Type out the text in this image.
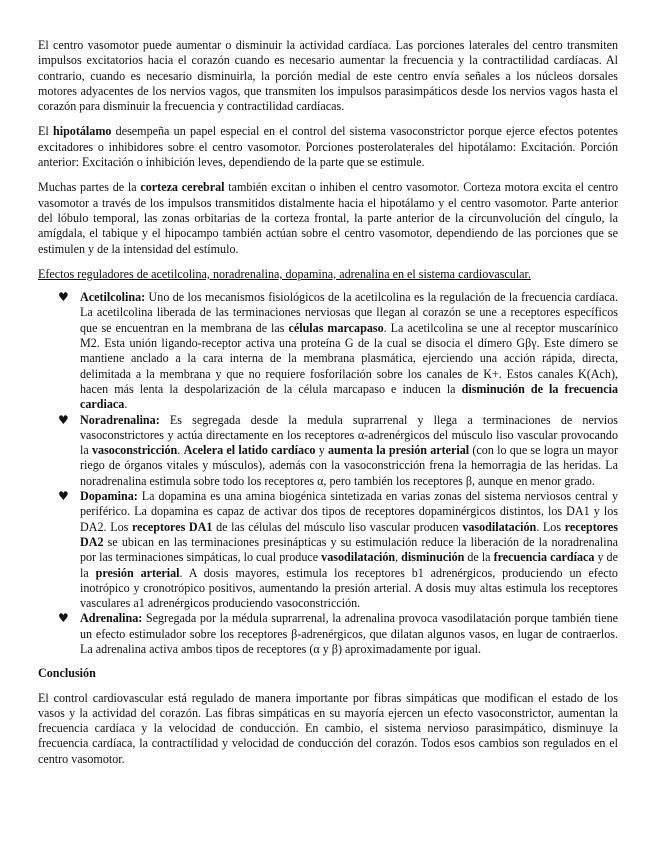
El centro vasomotor puede aumentar o disminuir la actividad cardíaca. Las porciones laterales del centro transmiten impulsos excitatorios hacia el corazón cuando es necesario aumentar la frecuencia y la contractilidad cardíacas. Al contrario, cuando es necesario disminuirla, la porción medial de este centro envía señales a los núcleos dorsales motores adyacentes de los nervios vagos, que transmiten los impulsos parasimpáticos desde los nervios vagos hasta el corazón para disminuir la frecuencia y contractilidad cardíacas.

El hipotálamo desempeña un papel especial en el control del sistema vasoconstrictor porque ejerce efectos potentes excitadores o inhibidores sobre el centro vasomotor. Porciones posterolaterales del hipotálamo: Excitación. Porción anterior: Excitación o inhibición leves, dependiendo de la parte que se estimule.

Muchas partes de la corteza cerebral también excitan o inhiben el centro vasomotor. Corteza motora excita el centro vasomotor a través de los impulsos transmitidos distalmente hacia el hipotálamo y el centro vasomotor. Parte anterior del lóbulo temporal, las zonas orbitarias de la corteza frontal, la parte anterior de la circunvolución del cíngulo, la amígdala, el tabique y el hipocampo también actúan sobre el centro vasomotor, dependiendo de las porciones que se estimulen y de la intensidad del estímulo.

Efectos reguladores de acetilcolina, noradrenalina, dopamina, adrenalina en el sistema cardiovascular.

♥ Acetilcolina: Uno de los mecanismos fisiológicos de la acetilcolina es la regulación de la frecuencia cardíaca. La acetilcolina liberada de las terminaciones nerviosas que llegan al corazón se une a receptores específicos que se encuentran en la membrana de las células marcapaso. La acetilcolina se une al receptor muscarínico M2. Esta unión ligando-receptor activa una proteína G de la cual se disocia el dímero Gβγ. Este dímero se mantiene anclado a la cara interna de la membrana plasmática, ejerciendo una acción rápida, directa, delimitada a la membrana y que no requiere fosforilación sobre los canales de K+. Estos canales K(Ach), hacen más lenta la despolarización de la célula marcapaso e inducen la disminución de la frecuencia cardiaca.
♥ Noradrenalina: Es segregada desde la medula suprarrenal y llega a terminaciones de nervios vasoconstrictores y actúa directamente en los receptores α-adrenérgicos del músculo liso vascular provocando la vasoconstricción. Acelera el latido cardíaco y aumenta la presión arterial (con lo que se logra un mayor riego de órganos vitales y músculos), además con la vasoconstricción frena la hemorragia de las heridas. La noradrenalina estimula sobre todo los receptores α, pero también los receptores β, aunque en menor grado.
♥ Dopamina: La dopamina es una amina biogénica sintetizada en varias zonas del sistema nerviosos central y periférico. La dopamina es capaz de activar dos tipos de receptores dopaminérgicos distintos, los DA1 y los DA2. Los receptores DA1 de las células del músculo liso vascular producen vasodilatación. Los receptores DA2 se ubican en las terminaciones presinápticas y su estimulación reduce la liberación de la noradrenalina por las terminaciones simpáticas, lo cual produce vasodilatación, disminución de la frecuencia cardíaca y de la presión arterial. A dosis mayores, estimula los receptores b1 adrenérgicos, produciendo un efecto inotrópico y cronotrópico positivos, aumentando la presión arterial. A dosis muy altas estimula los receptores vasculares a1 adrenérgicos produciendo vasoconstricción.
♥ Adrenalina: Segregada por la médula suprarrenal, la adrenalina provoca vasodilatación porque también tiene un efecto estimulador sobre los receptores β-adrenérgicos, que dilatan algunos vasos, en lugar de contraerlos. La adrenalina activa ambos tipos de receptores (α y β) aproximadamente por igual.

Conclusión

El control cardiovascular está regulado de manera importante por fibras simpáticas que modifican el estado de los vasos y la actividad del corazón. Las fibras simpáticas en su mayoría ejercen un efecto vasoconstrictor, aumentan la frecuencia cardíaca y la velocidad de conducción. En cambio, el sistema nervioso parasimpático, disminuye la frecuencia cardíaca, la contractilidad y velocidad de conducción del corazón. Todos esos cambios son regulados en el centro vasomotor.
